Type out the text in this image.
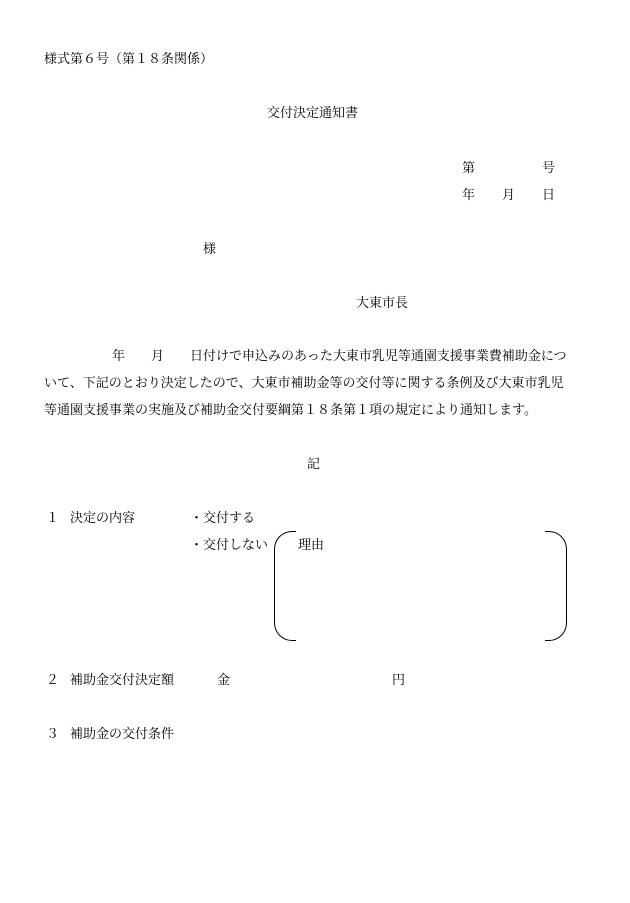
様式第６号（第１８条関係）
交付決定通知書
第	号
年 月 日
様
大東市長
年 月 日付けで申込みのあった大東市乳児等通園支援事業費補助金につ
いて、下記のとおり決定したので、大東市補助金等の交付等に関する条例及び大東市乳児
等通園支援事業の実施及び補助金交付要綱第１８条第１項の規定により通知します。
記
１ 決定の内容	・交付する
・交付しない 理由
２ 補助金交付決定額	金	円
３ 補助金の交付条件
